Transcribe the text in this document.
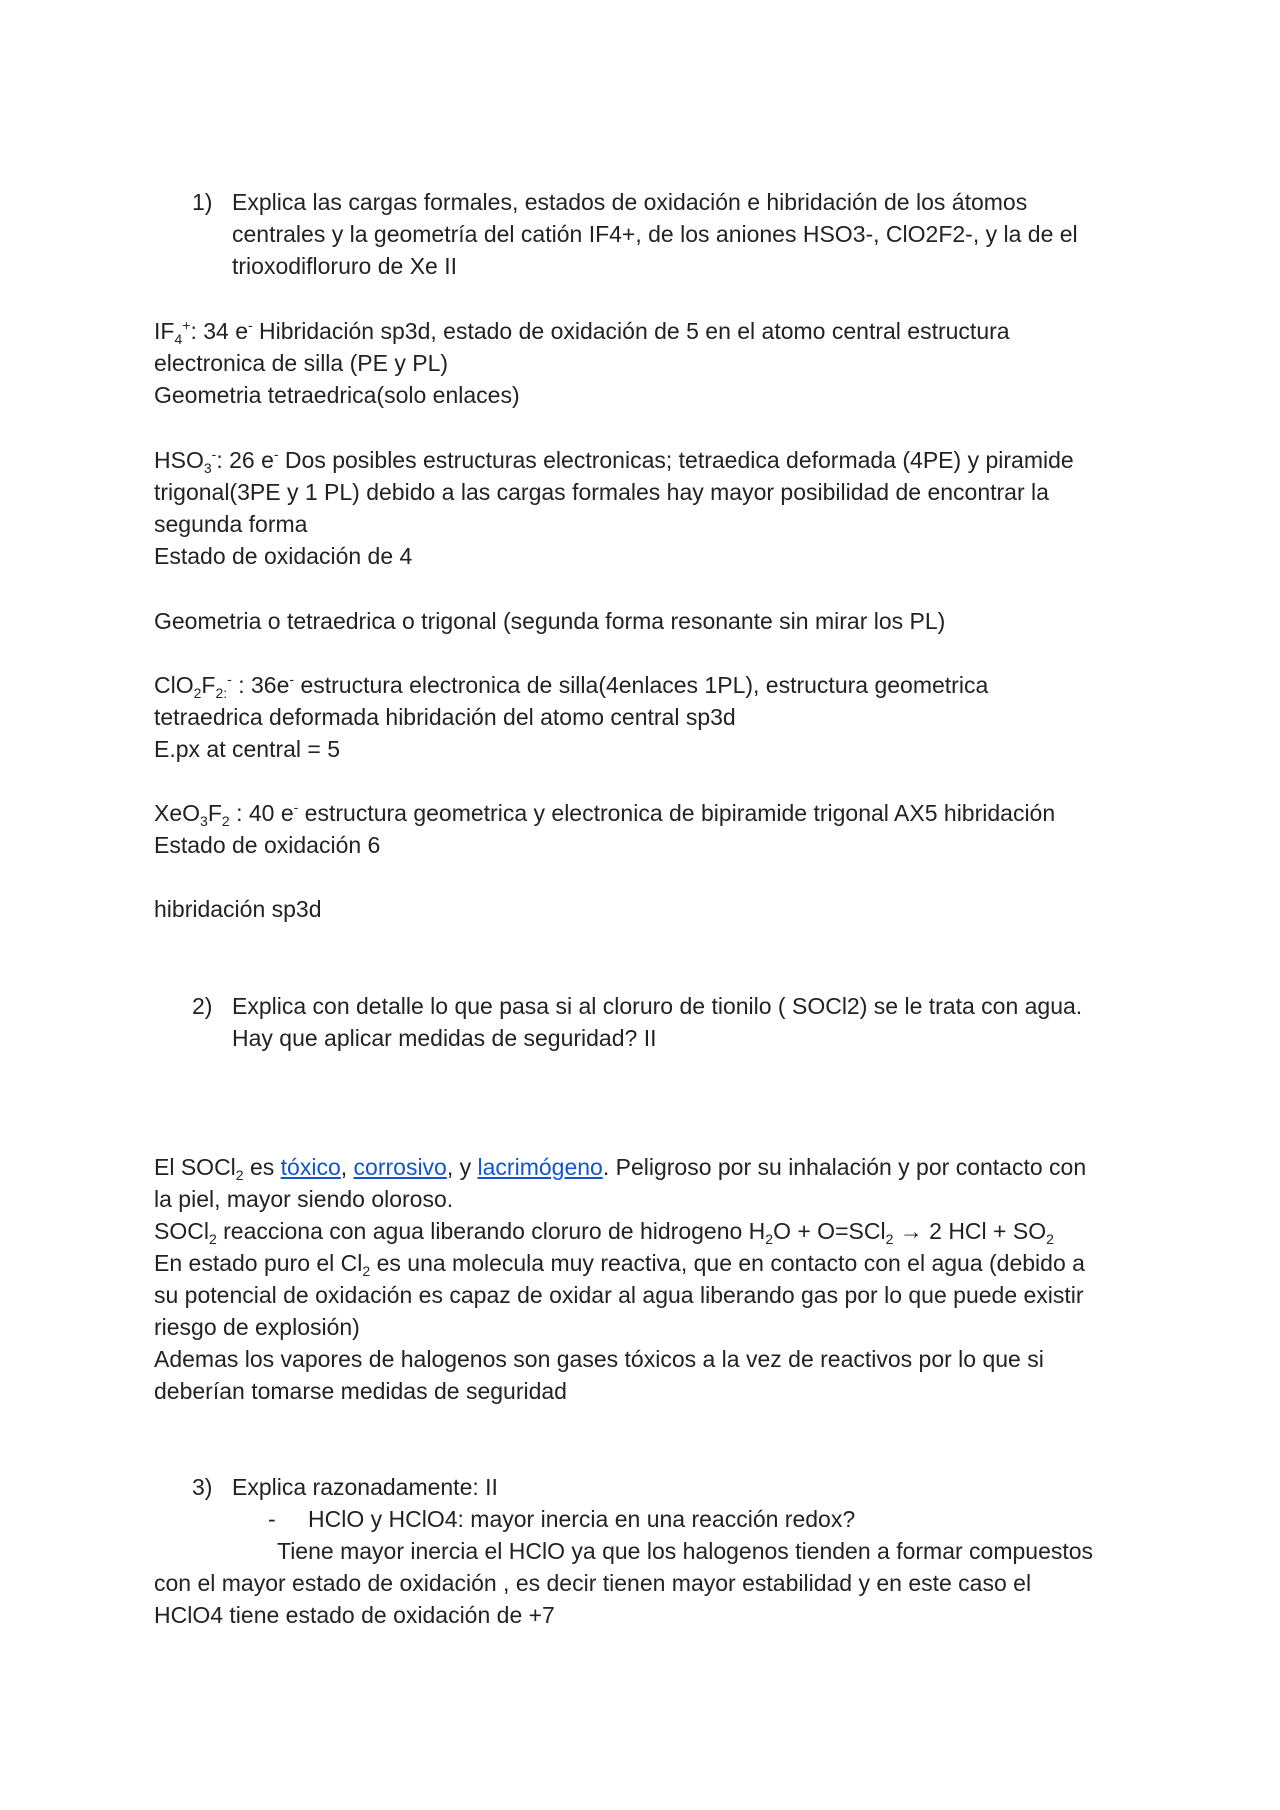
1) Explica las cargas formales, estados de oxidación e hibridación de los átomos
centrales y la geometría del catión IF4+, de los aniones HSO3-, ClO2F2-, y la de el
trioxodifloruro de Xe II
$IF_4^+$: 34 e- Hibridación sp3d, estado de oxidación de 5 en el atomo central estructura
electronica de silla (PE y PL)
Geometria tetraedrica(solo enlaces)
$HSO_3^-$: 26 e- Dos posibles estructuras electronicas; tetraedica deformada (4PE) y piramide
trigonal(3PE y 1 PL) debido a las cargas formales hay mayor posibilidad de encontrar la
segunda forma
Estado de oxidación de 4
Geometria o tetraedrica o trigonal (segunda forma resonante sin mirar los PL)
$ClO_2F_{2:}^-$ : 36e- estructura electronica de silla(4enlaces 1PL), estructura geometrica
tetraedrica deformada hibridación del atomo central sp3d
E.px at central = 5
$XeO_3F_2$ : 40 e- estructura geometrica y electronica de bipiramide trigonal AX5 hibridación
Estado de oxidación 6
hibridación sp3d
2) Explica con detalle lo que pasa si al cloruro de tionilo ( SOCl2) se le trata con agua.
Hay que aplicar medidas de seguridad? II
El SOCl$_2$ es tóxico, corrosivo, y lacrimógeno. Peligroso por su inhalación y por contacto con
la piel, mayor siendo oloroso.
SOCl$_2$ reacciona con agua liberando cloruro de hidrogeno $H_2O + O=SCl_2 \to 2$ HCl + $SO_2$
En estado puro el $Cl_2$ es una molecula muy reactiva, que en contacto con el agua (debido a
su potencial de oxidación es capaz de oxidar al agua liberando gas por lo que puede existir
riesgo de explosión)
Ademas los vapores de halogenos son gases tóxicos a la vez de reactivos por lo que si
deberían tomarse medidas de seguridad
3) Explica razonadamente: II
- HClO y HClO4: mayor inercia en una reacción redox?
Tiene mayor inercia el HClO ya que los halogenos tienden a formar compuestos
con el mayor estado de oxidación , es decir tienen mayor estabilidad y en este caso el
HClO4 tiene estado de oxidación de +7
